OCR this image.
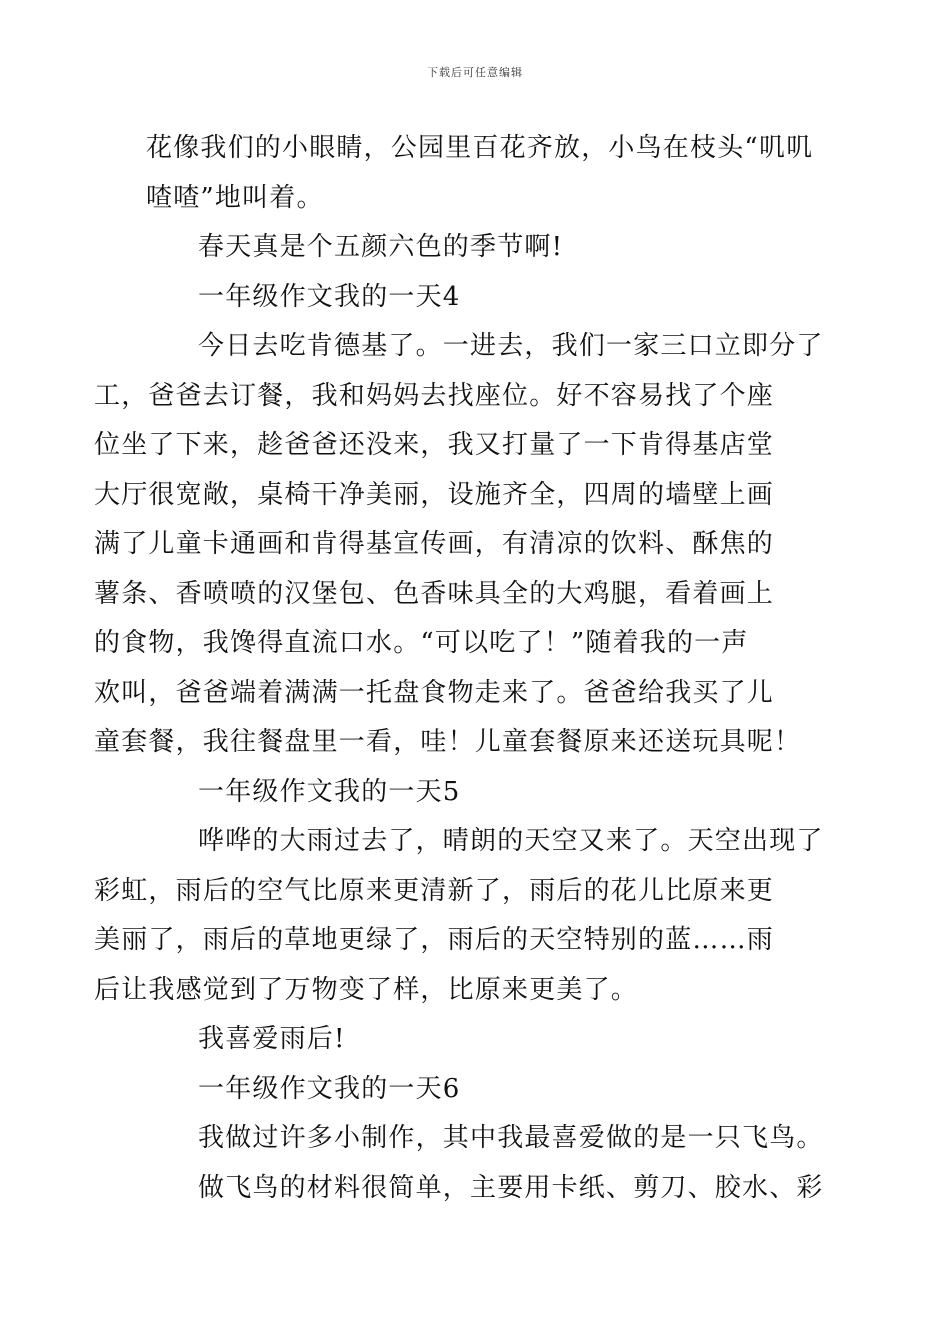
下载后可任意编辑

花像我们的小眼睛，公园里百花齐放，小鸟在枝头“叽叽
喳喳”地叫着。

春天真是个五颜六色的季节啊!

一年级作文我的一天4

今日去吃肯德基了。一进去，我们一家三口立即分了
工，爸爸去订餐，我和妈妈去找座位。好不容易找了个座
位坐了下来，趁爸爸还没来，我又打量了一下肯得基店堂
大厅很宽敞，桌椅干净美丽，设施齐全，四周的墙壁上画
满了儿童卡通画和肯得基宣传画，有清凉的饮料、酥焦的
薯条、香喷喷的汉堡包、色香味具全的大鸡腿，看着画上
的食物，我馋得直流口水。“可以吃了！”随着我的一声
欢叫，爸爸端着满满一托盘食物走来了。爸爸给我买了儿
童套餐，我往餐盘里一看，哇！儿童套餐原来还送玩具呢！

一年级作文我的一天5

哗哗的大雨过去了，晴朗的天空又来了。天空出现了
彩虹，雨后的空气比原来更清新了，雨后的花儿比原来更
美丽了，雨后的草地更绿了，雨后的天空特别的蓝……雨
后让我感觉到了万物变了样，比原来更美了。

我喜爱雨后!

一年级作文我的一天6

我做过许多小制作，其中我最喜爱做的是一只飞鸟。

做飞鸟的材料很简单，主要用卡纸、剪刀、胶水、彩
